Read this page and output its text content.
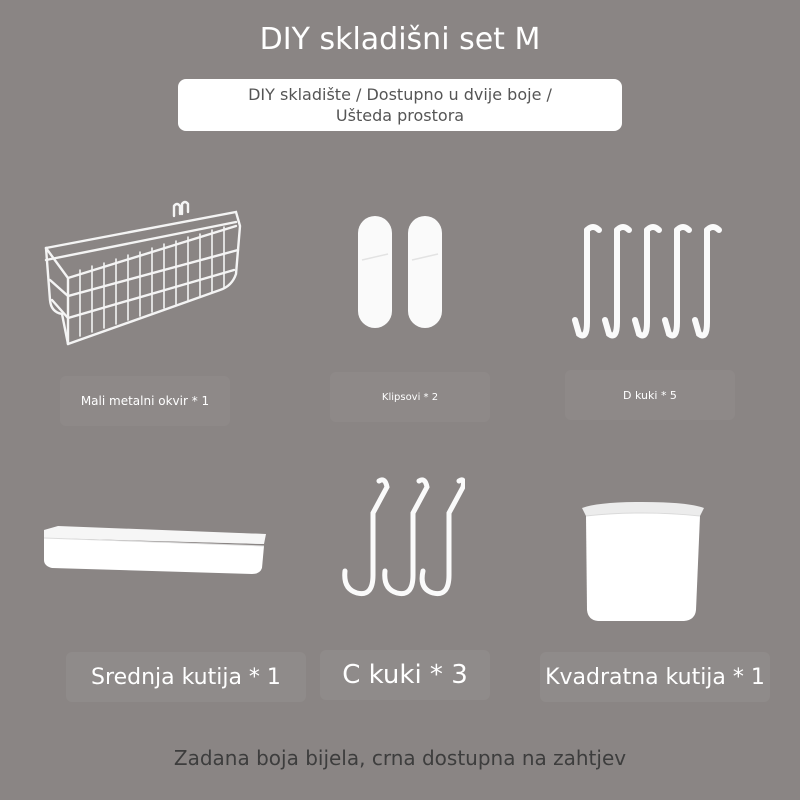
DIY skladišni set M
DIY skladište / Dostupno u dvije boje /
Ušteda prostora
Mali metalni okvir * 1	Klipsovi * 2	D kuki * 5
Srednja kutija * 1 C kuki * 3	Kvadratna kutija * 1
Zadana boja bijela, crna dostupna na zahtjev
